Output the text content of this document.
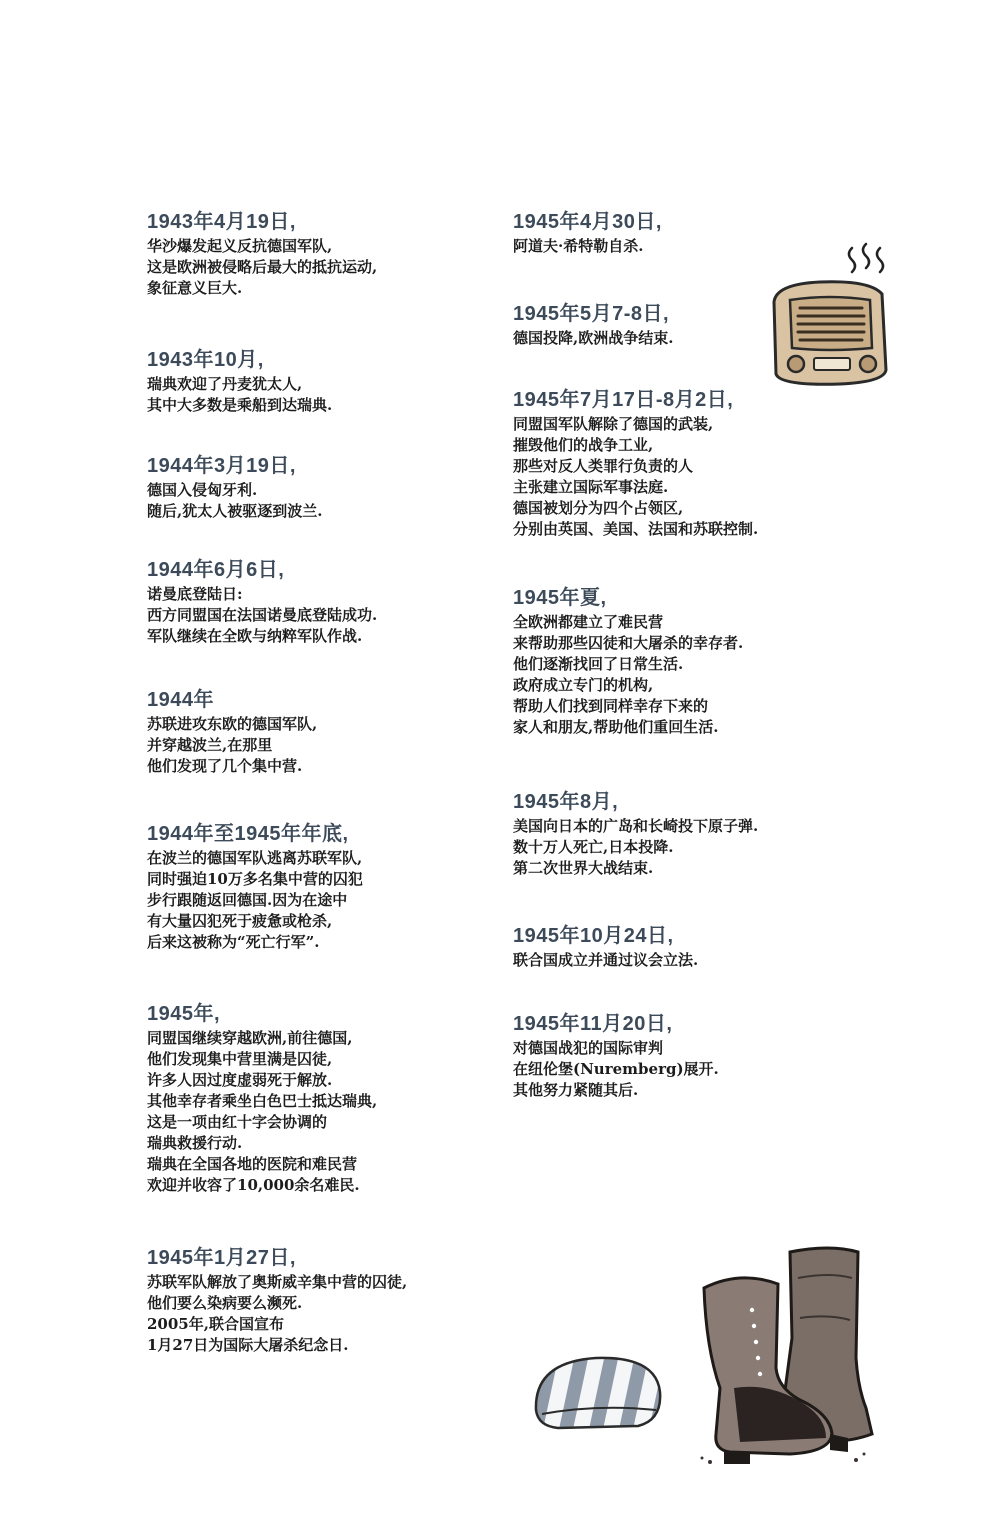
1943年4月19日,
华沙爆发起义反抗德国军队,
这是欧洲被侵略后最大的抵抗运动,
象征意义巨大.
1943年10月,
瑞典欢迎了丹麦犹太人,
其中大多数是乘船到达瑞典.
1944年3月19日,
德国入侵匈牙利.
随后,犹太人被驱逐到波兰.
1944年6月6日,
诺曼底登陆日:
西方同盟国在法国诺曼底登陆成功.
军队继续在全欧与纳粹军队作战.
1944年
苏联进攻东欧的德国军队,
并穿越波兰,在那里
他们发现了几个集中营.
1944年至1945年年底,
在波兰的德国军队逃离苏联军队,
同时强迫10万多名集中营的囚犯
步行跟随返回德国.因为在途中
有大量囚犯死于疲惫或枪杀,
后来这被称为“死亡行军”.
1945年,
同盟国继续穿越欧洲,前往德国,
他们发现集中营里满是囚徒,
许多人因过度虚弱死于解放.
其他幸存者乘坐白色巴士抵达瑞典,
这是一项由红十字会协调的
瑞典救援行动.
瑞典在全国各地的医院和难民营
欢迎并收容了10,000余名难民.
1945年1月27日,
苏联军队解放了奥斯威辛集中营的囚徒,
他们要么染病要么濒死.
2005年,联合国宣布
1月27日为国际大屠杀纪念日.
1945年4月30日,
阿道夫·希特勒自杀.
1945年5月7-8日,
德国投降,欧洲战争结束.
1945年7月17日-8月2日,
同盟国军队解除了德国的武装,
摧毁他们的战争工业,
那些对反人类罪行负责的人
主张建立国际军事法庭.
德国被划分为四个占领区,
分别由英国、美国、法国和苏联控制.
1945年夏,
全欧洲都建立了难民营
来帮助那些囚徒和大屠杀的幸存者.
他们逐渐找回了日常生活.
政府成立专门的机构,
帮助人们找到同样幸存下来的
家人和朋友,帮助他们重回生活.
1945年8月,
美国向日本的广岛和长崎投下原子弹.
数十万人死亡,日本投降.
第二次世界大战结束.
1945年10月24日,
联合国成立并通过议会立法.
1945年11月20日,
对德国战犯的国际审判
在纽伦堡(Nuremberg)展开.
其他努力紧随其后.
